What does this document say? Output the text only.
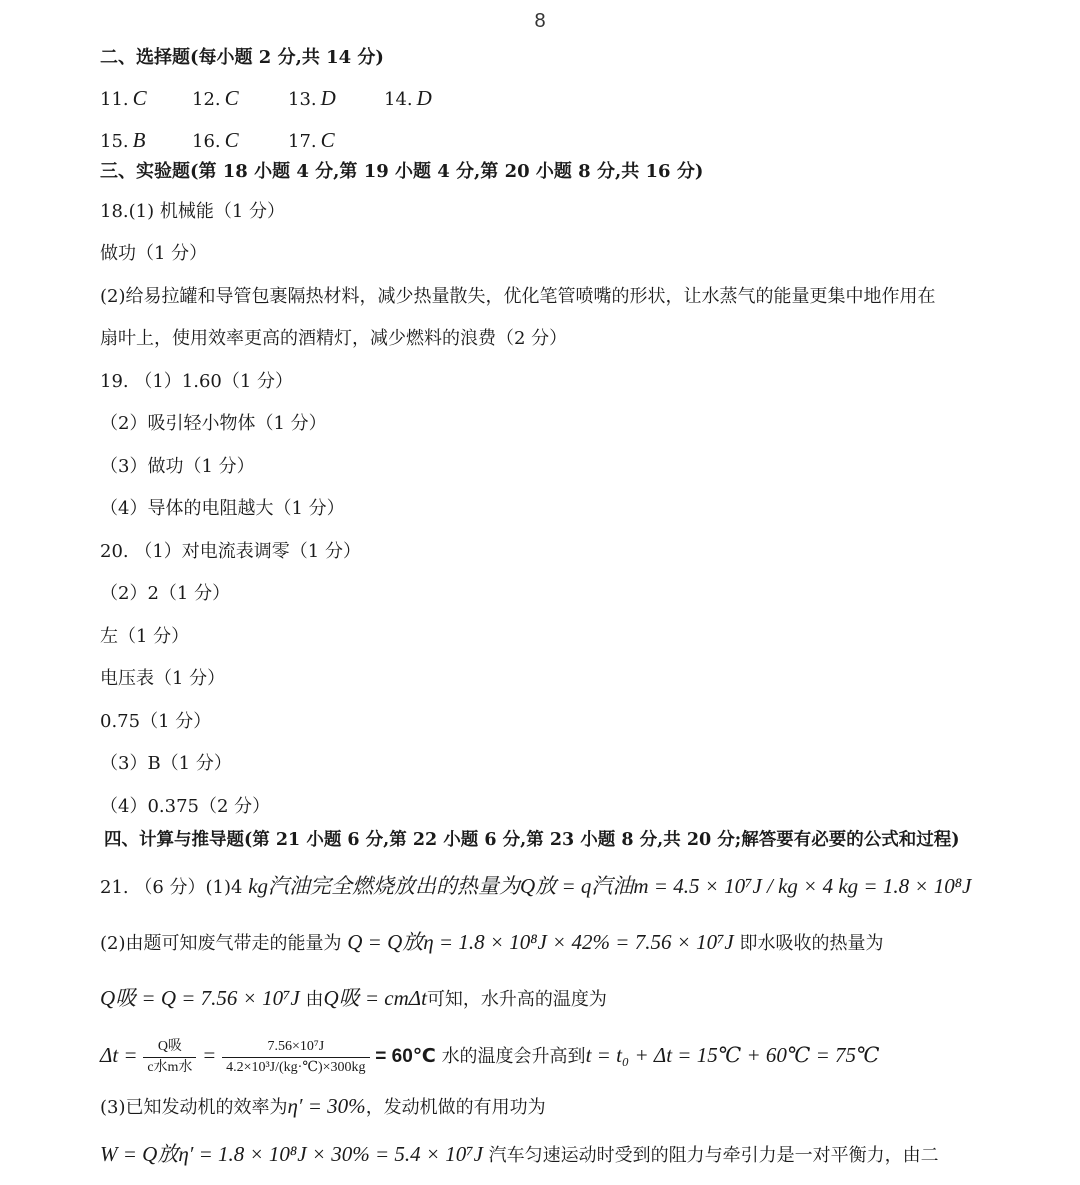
8
二、选择题(每小题 2 分,共 14 分)
11. C	12. C	13. D	14. D
15. B	16. C	17. C
三、实验题(第 18 小题 4 分,第 19 小题 4 分,第 20 小题 8 分,共 16 分)
18.(1) 机械能（1 分）
做功（1 分）
(2)给易拉罐和导管包裹隔热材料，减少热量散失，优化笔管喷嘴的形状，让水蒸气的能量更集中地作用在
扇叶上，使用效率更高的酒精灯，减少燃料的浪费（2 分）
19. （1）1.60（1 分）
（2）吸引轻小物体（1 分）
（3）做功（1 分）
（4）导体的电阻越大（1 分）
20. （1）对电流表调零（1 分）
（2）2（1 分）
左（1 分）
电压表（1 分）
0.75（1 分）
（3）B（1 分）
（4）0.375（2 分）
四、计算与推导题(第 21 小题 6 分,第 22 小题 6 分,第 23 小题 8 分,共 20 分;解答要有必要的公式和过程)
21. （6 分）(1)4 kg汽油完全燃烧放出的热量为Q放 = q汽油m = 4.5 × 10⁷J / kg × 4 kg = 1.8 × 10⁸J
(2)由题可知废气带走的能量为 Q = Q放η = 1.8 × 10⁸J × 42% = 7.56 × 10⁷J 即水吸收的热量为
Q吸 = Q = 7.56 × 10⁷J 由Q吸 = cmΔt可知，水升高的温度为
$\Delta t = \frac{\text{Q吸}}{\text{c水m水}} = \frac{\text{7.56×10⁷J}}{\text{4.2×10³J/(kg·℃)×300kg}}$ = 60℃ 水的温度会升高到t = t₀ + Δt = 15℃ + 60℃ = 75℃
(3)已知发动机的效率为η′ = 30%，发动机做的有用功为
W = Q放η′ = 1.8 × 10⁸J × 30% = 5.4 × 10⁷J 汽车匀速运动时受到的阻力与牵引力是一对平衡力，由二
